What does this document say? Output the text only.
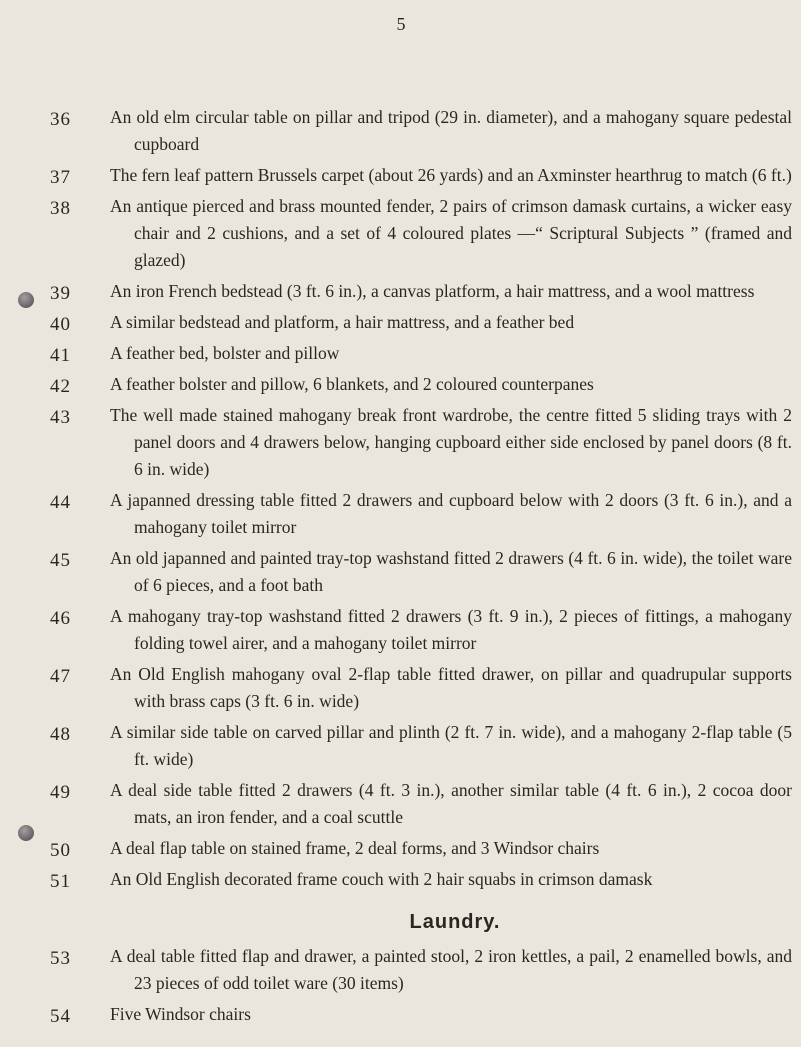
5
36	An old elm circular table on pillar and tripod (29 in. diameter), and a mahogany square pedestal cupboard
37	The fern leaf pattern Brussels carpet (about 26 yards) and an Axminster hearthrug to match (6 ft.)
38	An antique pierced and brass mounted fender, 2 pairs of crimson damask curtains, a wicker easy chair and 2 cushions, and a set of 4 coloured plates —“ Scriptural Subjects ” (framed and glazed)
39	An iron French bedstead (3 ft. 6 in.), a canvas platform, a hair mattress, and a wool mattress
40	A similar bedstead and platform, a hair mattress, and a feather bed
41	A feather bed, bolster and pillow
42	A feather bolster and pillow, 6 blankets, and 2 coloured counterpanes
43	The well made stained mahogany break front wardrobe, the centre fitted 5 sliding trays with 2 panel doors and 4 drawers below, hanging cupboard either side enclosed by panel doors (8 ft. 6 in. wide)
44	A japanned dressing table fitted 2 drawers and cupboard below with 2 doors (3 ft. 6 in.), and a mahogany toilet mirror
45	An old japanned and painted tray-top washstand fitted 2 drawers (4 ft. 6 in. wide), the toilet ware of 6 pieces, and a foot bath
46	A mahogany tray-top washstand fitted 2 drawers (3 ft. 9 in.), 2 pieces of fittings, a mahogany folding towel airer, and a mahogany toilet mirror
47	An Old English mahogany oval 2-flap table fitted drawer, on pillar and quadrupular supports with brass caps (3 ft. 6 in. wide)
48	A similar side table on carved pillar and plinth (2 ft. 7 in. wide), and a mahogany 2-flap table (5 ft. wide)
49	A deal side table fitted 2 drawers (4 ft. 3 in.), another similar table (4 ft. 6 in.), 2 cocoa door mats, an iron fender, and a coal scuttle
50	A deal flap table on stained frame, 2 deal forms, and 3 Windsor chairs
51	An Old English decorated frame couch with 2 hair squabs in crimson damask
Laundry.
53	A deal table fitted flap and drawer, a painted stool, 2 iron kettles, a pail, 2 enamelled bowls, and 23 pieces of odd toilet ware (30 items)
54	Five Windsor chairs
